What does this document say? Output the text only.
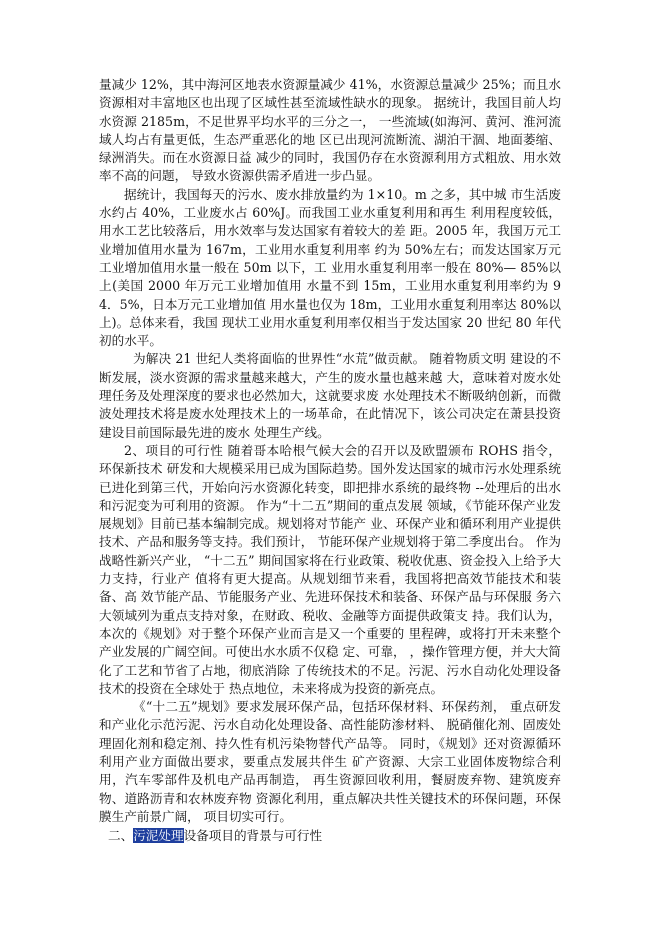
量减少 12%，其中海河区地表水资源量减少 41%，水资源总量减少 25%；而且水资源相对丰富地区也出现了区域性甚至流域性缺水的现象。 据统计，我国目前人均水资源 2185m，不足世界平均水平的三分之一， 一些流域(如海河、黄河、淮河流域人均占有量更低，生态严重恶化的地 区已出现河流断流、湖泊干涸、地面萎缩、绿洲消失。而在水资源日益 减少的同时，我国仍存在水资源利用方式粗放、用水效率不高的问题， 导致水资源供需矛盾进一步凸显。

据统计，我国每天的污水、废水排放量约为 1×10。m 之多，其中城 市生活废水约占 40%，工业废水占 60%J。而我国工业水重复利用和再生 利用程度较低，用水工艺比较落后，用水效率与发达国家有着较大的差 距。2005 年，我国万元工业增加值用水量为 167m，工业用水重复利用率 约为 50%左右；而发达国家万元工业增加值用水量一般在 50m 以下，工 业用水重复利用率一般在 80%— 85%以上(美国 2000 年万元工业增加值用 水量不到 15m，工业用水重复利用率约为 94．5%，日本万元工业增加值 用水量也仅为 18m，工业用水重复利用率达 80%以上)。总体来看，我国 现状工业用水重复利用率仅相当于发达国家 20 世纪 80 年代初的水平。

为解决 21 世纪人类将面临的世界性“水荒”做贡献。 随着物质文明 建设的不断发展，淡水资源的需求量越来越大，产生的废水量也越来越 大，意味着对废水处理任务及处理深度的要求也必然加大，这就要求废 水处理技术不断吸纳创新，而微波处理技术将是废水处理技术上的一场革命，在此情况下，该公司决定在萧县投资建设目前国际最先进的废水 处理生产线。

2、项目的可行性 随着哥本哈根气候大会的召开以及欧盟颁布 ROHS 指令，环保新技术 研发和大规模采用已成为国际趋势。国外发达国家的城市污水处理系统 已进化到第三代，开始向污水资源化转变，即把排水系统的最终物 --处理后的出水和污泥变为可利用的资源。 作为“十二五”期间的重点发展 领域，《节能环保产业发展规划》目前已基本编制完成。规划将对节能产 业、环保产业和循环利用产业提供技术、产品和服务等支持。我们预计， 节能环保产业规划将于第二季度出台。 作为战略性新兴产业， “十二五” 期间国家将在行业政策、税收优惠、资金投入上给予大力支持，行业产 值将有更大提高。从规划细节来看，我国将把高效节能技术和装备、高 效节能产品、节能服务产业、先进环保技术和装备、环保产品与环保服 务六大领域列为重点支持对象，在财政、税收、金融等方面提供政策支 持。我们认为，本次的《规划》对于整个环保产业而言是又一个重要的 里程碑，或将打开未来整个产业发展的广阔空间。可使出水水质不仅稳 定、可靠， ，操作管理方便，并大大简化了工艺和节省了占地，彻底消除 了传统技术的不足。污泥、污水自动化处理设备技术的投资在全球处于 热点地位，未来将成为投资的新亮点。

《“十二五”规划》要求发展环保产品，包括环保材料、环保药剂， 重点研发和产业化示范污泥、污水自动化处理设备、高性能防渗材料、 脱硝催化剂、固废处理固化剂和稳定剂、持久性有机污染物替代产品等。 同时，《规划》还对资源循环利用产业方面做出要求，要重点发展共伴生 矿产资源、大宗工业固体废物综合利用，汽车零部件及机电产品再制造， 再生资源回收利用，餐厨废弃物、建筑废弃物、道路沥青和农林废弃物 资源化利用，重点解决共性关键技术的环保问题，环保膜生产前景广阔， 项目切实可行。

二、污泥处理设备项目的背景与可行性
